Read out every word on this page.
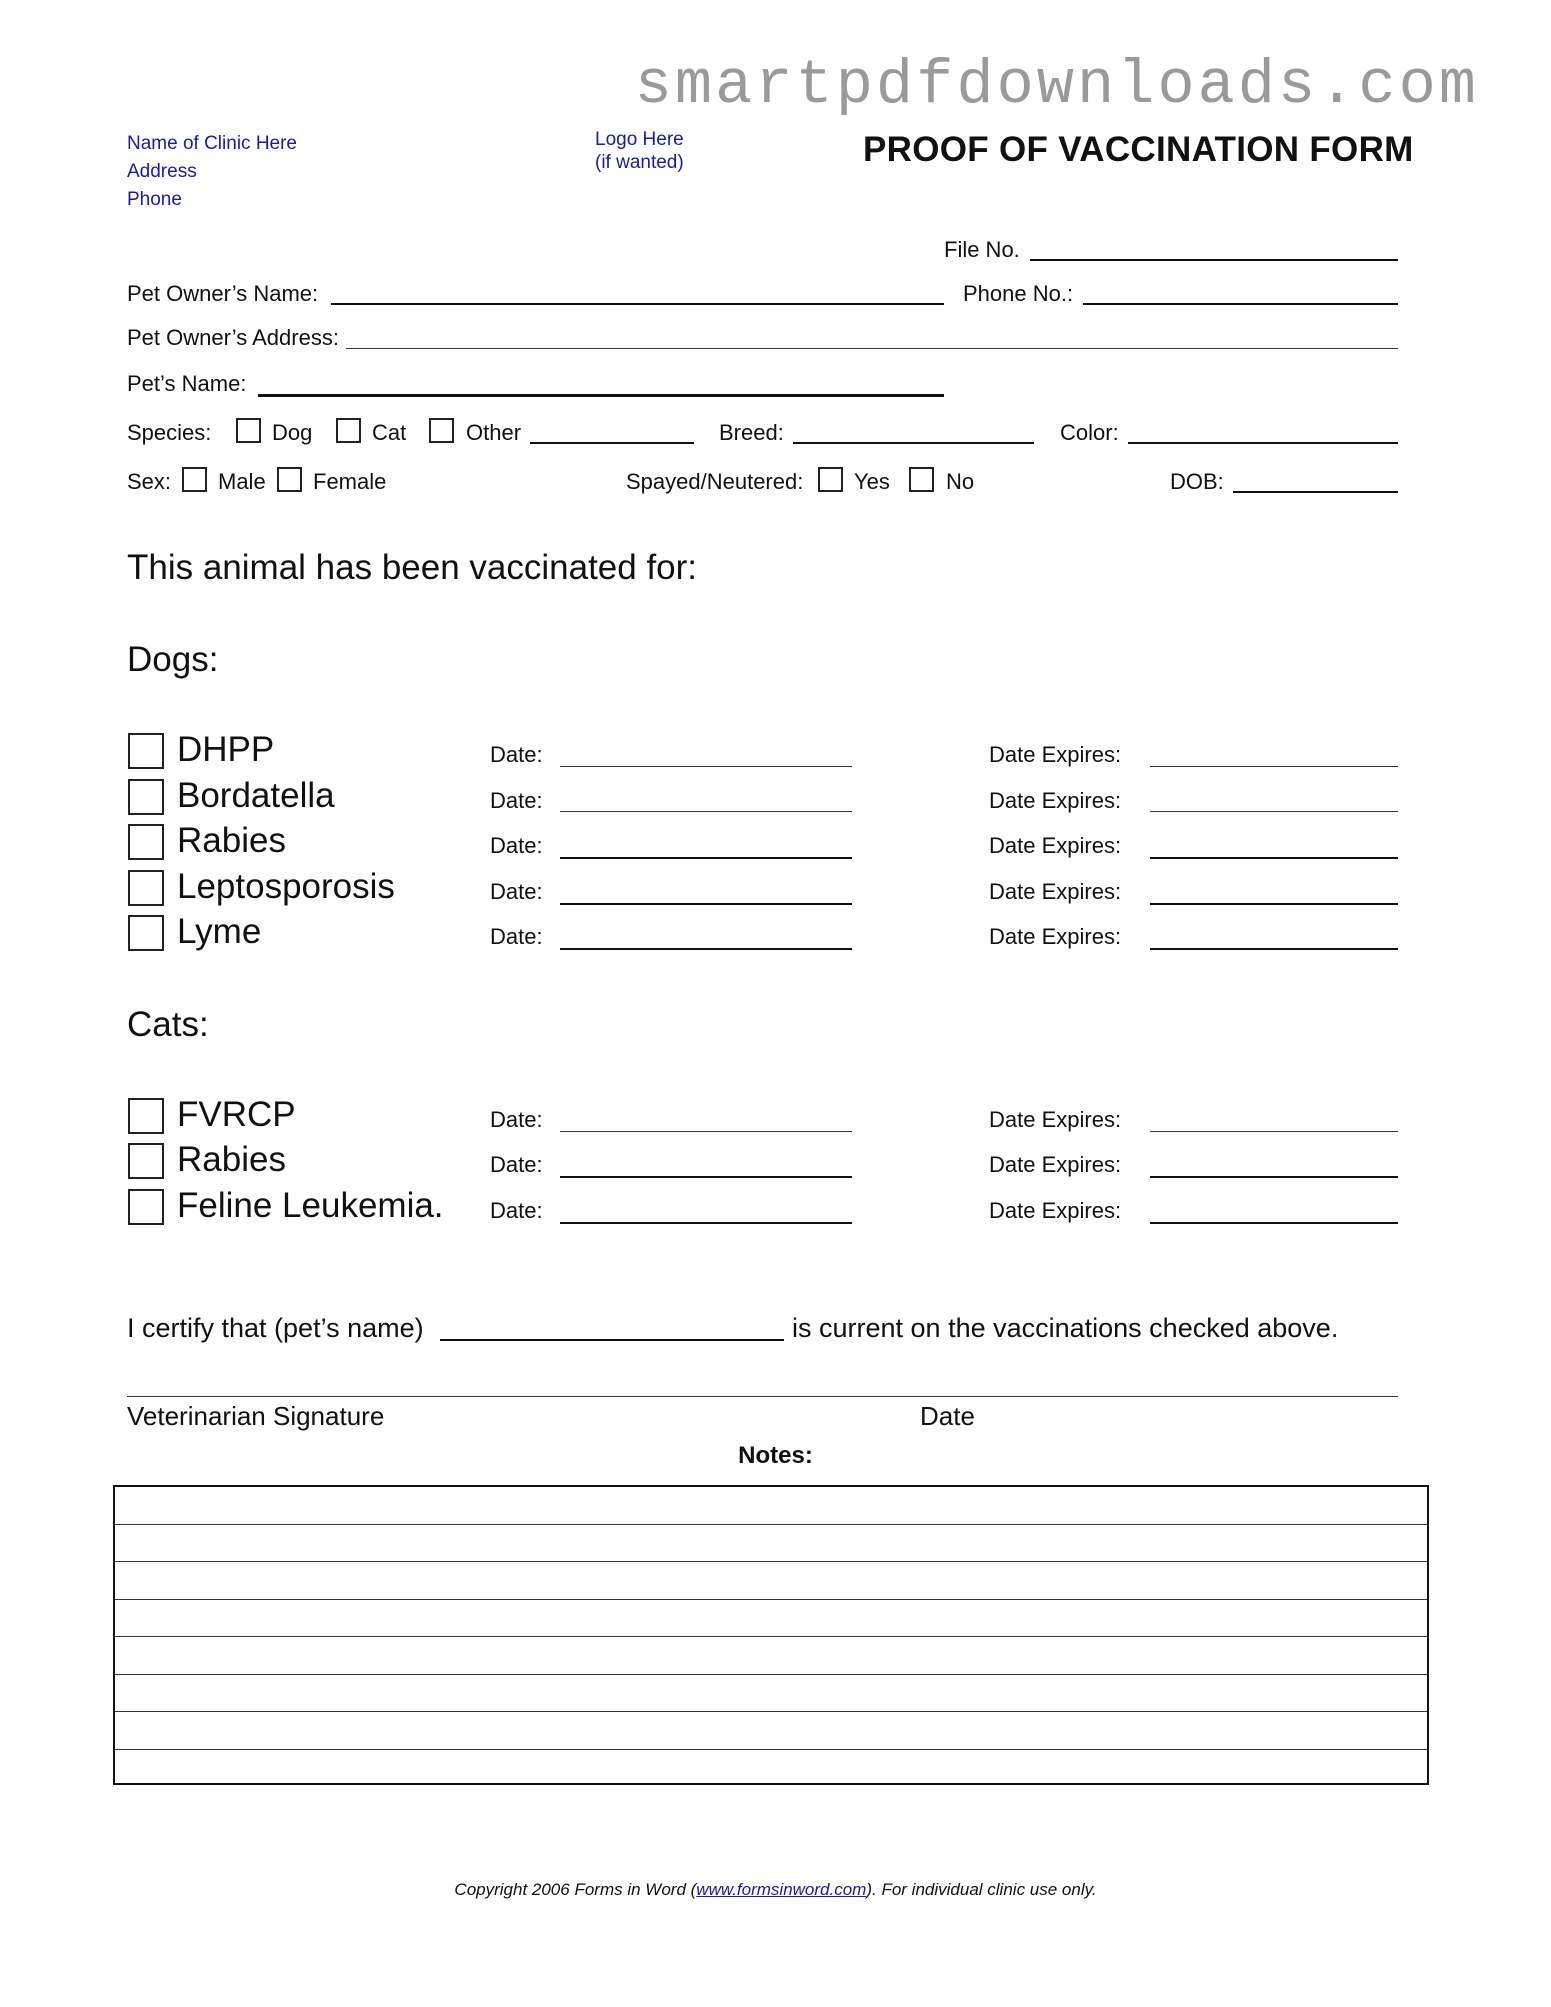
smartpdfdownloads.com
Name of Clinic Here
Address
Phone
Logo Here
(if wanted)	PROOF OF VACCINATION FORM
File No.
Pet Owner’s Name:	Phone No.:
Pet Owner’s Address:
Pet’s Name:
Species:	Dog	Cat	Other	Breed:	Color:
Sex: Male Female	Spayed/Neutered: Yes	No	DOB:
This animal has been vaccinated for:
Dogs:
DHPP	Date:	Date Expires:
Bordatella	Date:	Date Expires:
Rabies	Date:	Date Expires:
Leptosporosis	Date:	Date Expires:
Lyme	Date:	Date Expires:
Cats:
FVRCP	Date:	Date Expires:
Rabies	Date:	Date Expires:
Feline Leukemia. Date:	Date Expires:
I certify that (pet’s name)	is current on the vaccinations checked above.
Veterinarian Signature	Date
Notes:
Copyright 2006 Forms in Word (www.formsinword.com). For individual clinic use only.
